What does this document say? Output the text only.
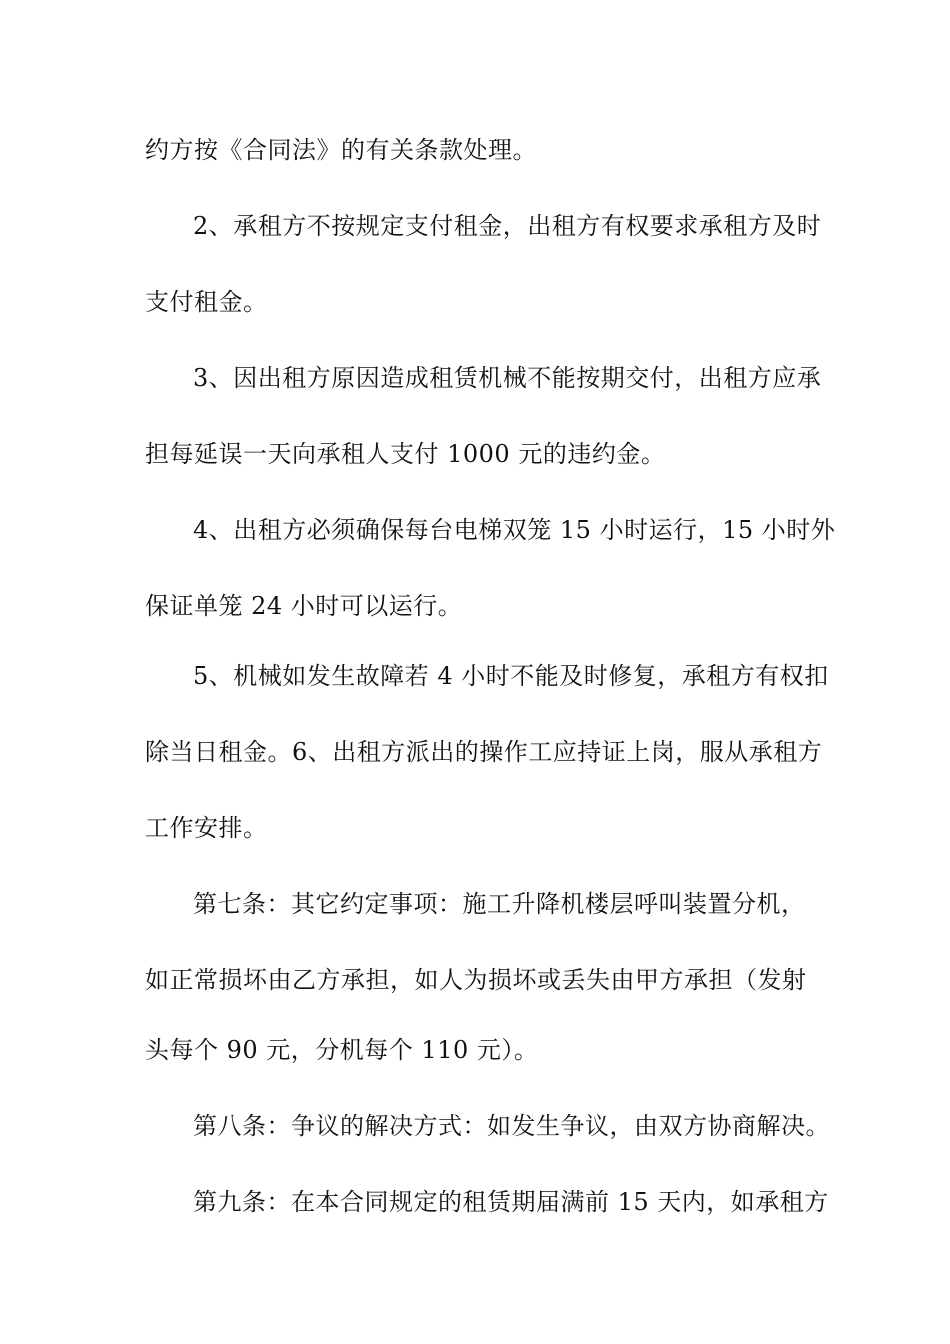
约方按《合同法》的有关条款处理。
2、承租方不按规定支付租金，出租方有权要求承租方及时
支付租金。
3、因出租方原因造成租赁机械不能按期交付，出租方应承
担每延误一天向承租人支付 1000 元的违约金。
4、出租方必须确保每台电梯双笼 15 小时运行，15 小时外
保证单笼 24 小时可以运行。
5、机械如发生故障若 4 小时不能及时修复，承租方有权扣
除当日租金。6、出租方派出的操作工应持证上岗，服从承租方
工作安排。
第七条：其它约定事项：施工升降机楼层呼叫装置分机，
如正常损坏由乙方承担，如人为损坏或丢失由甲方承担（发射
头每个 90 元，分机每个 110 元）。
第八条：争议的解决方式：如发生争议，由双方协商解决。
第九条：在本合同规定的租赁期届满前 15 天内，如承租方
